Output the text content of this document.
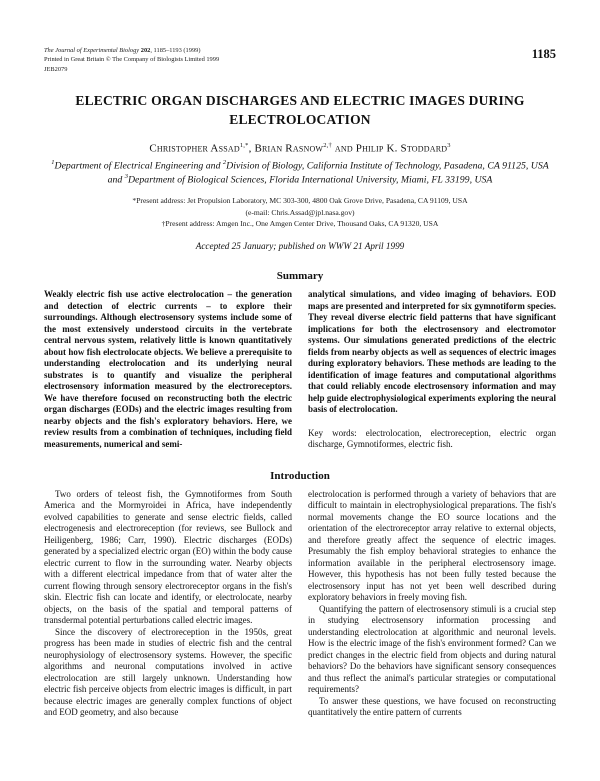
The Journal of Experimental Biology 202, 1185–1193 (1999)
Printed in Great Britain © The Company of Biologists Limited 1999
JEB2079
1185
ELECTRIC ORGAN DISCHARGES AND ELECTRIC IMAGES DURING ELECTROLOCATION
Christopher Assad$^{1,*}$, Brian Rasnow$^{2,\dagger}$ and Philip K. Stoddard$^3$
$^1$Department of Electrical Engineering and $^2$Division of Biology, California Institute of Technology, Pasadena, CA 91125, USA and $^3$Department of Biological Sciences, Florida International University, Miami, FL 33199, USA
*Present address: Jet Propulsion Laboratory, MC 303-300, 4800 Oak Grove Drive, Pasadena, CA 91109, USA
(e-mail: Chris.Assad@jpl.nasa.gov)
†Present address: Amgen Inc., One Amgen Center Drive, Thousand Oaks, CA 91320, USA
Accepted 25 January; published on WWW 21 April 1999
Summary

Weakly electric fish use active electrolocation – the generation and detection of electric currents – to explore their surroundings. Although electrosensory systems include some of the most extensively understood circuits in the vertebrate central nervous system, relatively little is known quantitatively about how fish electrolocate objects. We believe a prerequisite to understanding electrolocation and its underlying neural substrates is to quantify and visualize the peripheral electrosensory information measured by the electroreceptors. We have therefore focused on reconstructing both the electric organ discharges (EODs) and the electric images resulting from nearby objects and the fish's exploratory behaviors. Here, we review results from a combination of techniques, including field measurements, numerical and semi-

analytical simulations, and video imaging of behaviors. EOD maps are presented and interpreted for six gymnotiform species. They reveal diverse electric field patterns that have significant implications for both the electrosensory and electromotor systems. Our simulations generated predictions of the electric fields from nearby objects as well as sequences of electric images during exploratory behaviors. These methods are leading to the identification of image features and computational algorithms that could reliably encode electrosensory information and may help guide electrophysiological experiments exploring the neural basis of electrolocation.

Key words: electrolocation, electroreception, electric organ discharge, Gymnotiformes, electric fish.

Introduction

Two orders of teleost fish, the Gymnotiformes from South America and the Mormyroidei in Africa, have independently evolved capabilities to generate and sense electric fields, called electrogenesis and electroreception (for reviews, see Bullock and Heiligenberg, 1986; Carr, 1990). Electric discharges (EODs) generated by a specialized electric organ (EO) within the body cause electric current to flow in the surrounding water. Nearby objects with a different electrical impedance from that of water alter the current flowing through sensory electroreceptor organs in the fish's skin. Electric fish can locate and identify, or electrolocate, nearby objects, on the basis of the spatial and temporal patterns of transdermal potential perturbations called electric images.

Since the discovery of electroreception in the 1950s, great progress has been made in studies of electric fish and the central neurophysiology of electrosensory systems. However, the specific algorithms and neuronal computations involved in active electrolocation are still largely unknown. Understanding how electric fish perceive objects from electric images is difficult, in part because electric images are generally complex functions of object and EOD geometry, and also because

electrolocation is performed through a variety of behaviors that are difficult to maintain in electrophysiological preparations. The fish's normal movements change the EO source locations and the orientation of the electroreceptor array relative to external objects, and therefore greatly affect the sequence of electric images. Presumably the fish employ behavioral strategies to enhance the information available in the peripheral electrosensory image. However, this hypothesis has not been fully tested because the electrosensory input has not yet been well described during exploratory behaviors in freely moving fish.

Quantifying the pattern of electrosensory stimuli is a crucial step in studying electrosensory information processing and understanding electrolocation at algorithmic and neuronal levels. How is the electric image of the fish's environment formed? Can we predict changes in the electric field from objects and during natural behaviors? Do the behaviors have significant sensory consequences and thus reflect the animal's particular strategies or computational requirements?

To answer these questions, we have focused on reconstructing quantitatively the entire pattern of currents
